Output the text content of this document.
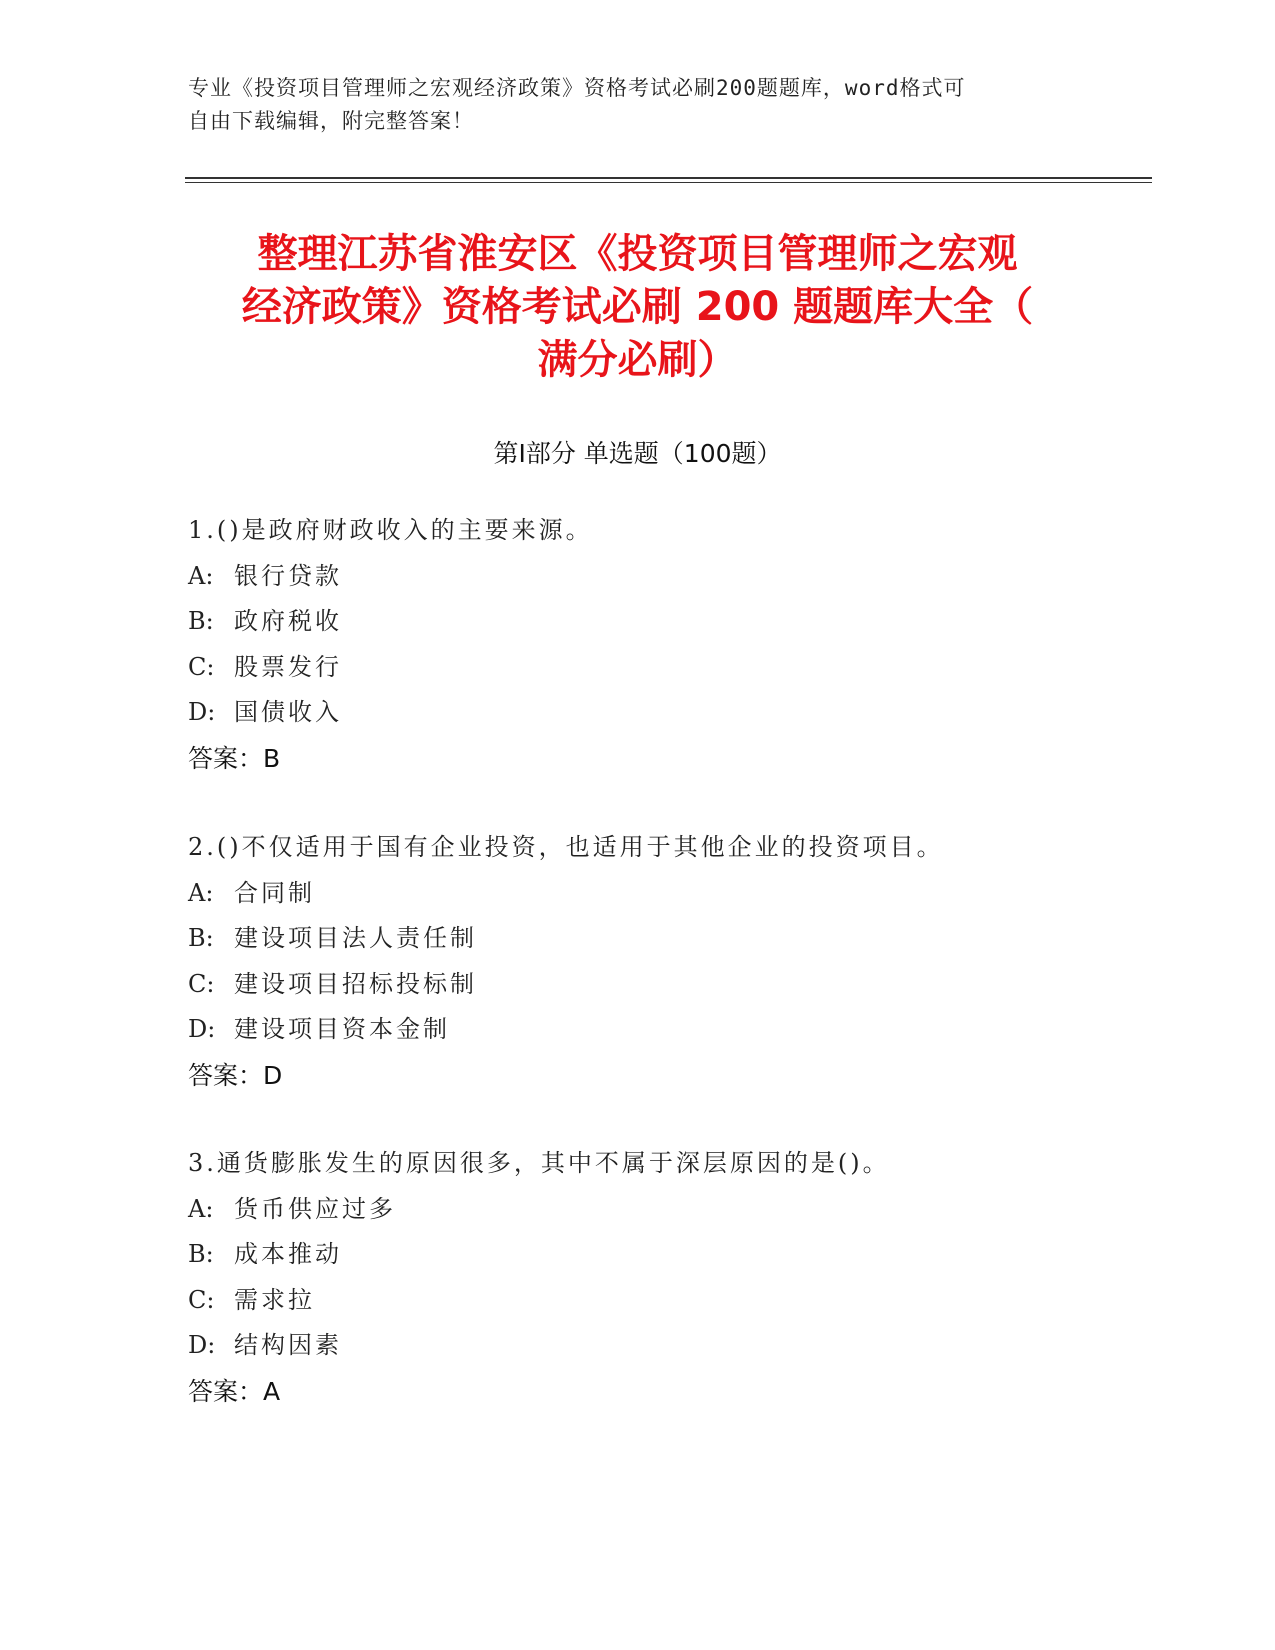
专业《投资项目管理师之宏观经济政策》资格考试必刷200题题库，word格式可
自由下载编辑，附完整答案！
整理江苏省淮安区《投资项目管理师之宏观
经济政策》资格考试必刷 200 题题库大全（
满分必刷）
第Ⅰ部分 单选题（100题）
1.()是政府财政收入的主要来源。
A: 银行贷款
B: 政府税收
C: 股票发行
D: 国债收入
答案：B
2.()不仅适用于国有企业投资，也适用于其他企业的投资项目。
A: 合同制
B: 建设项目法人责任制
C: 建设项目招标投标制
D: 建设项目资本金制
答案：D
3.通货膨胀发生的原因很多，其中不属于深层原因的是()。
A: 货币供应过多
B: 成本推动
C: 需求拉
D: 结构因素
答案：A
